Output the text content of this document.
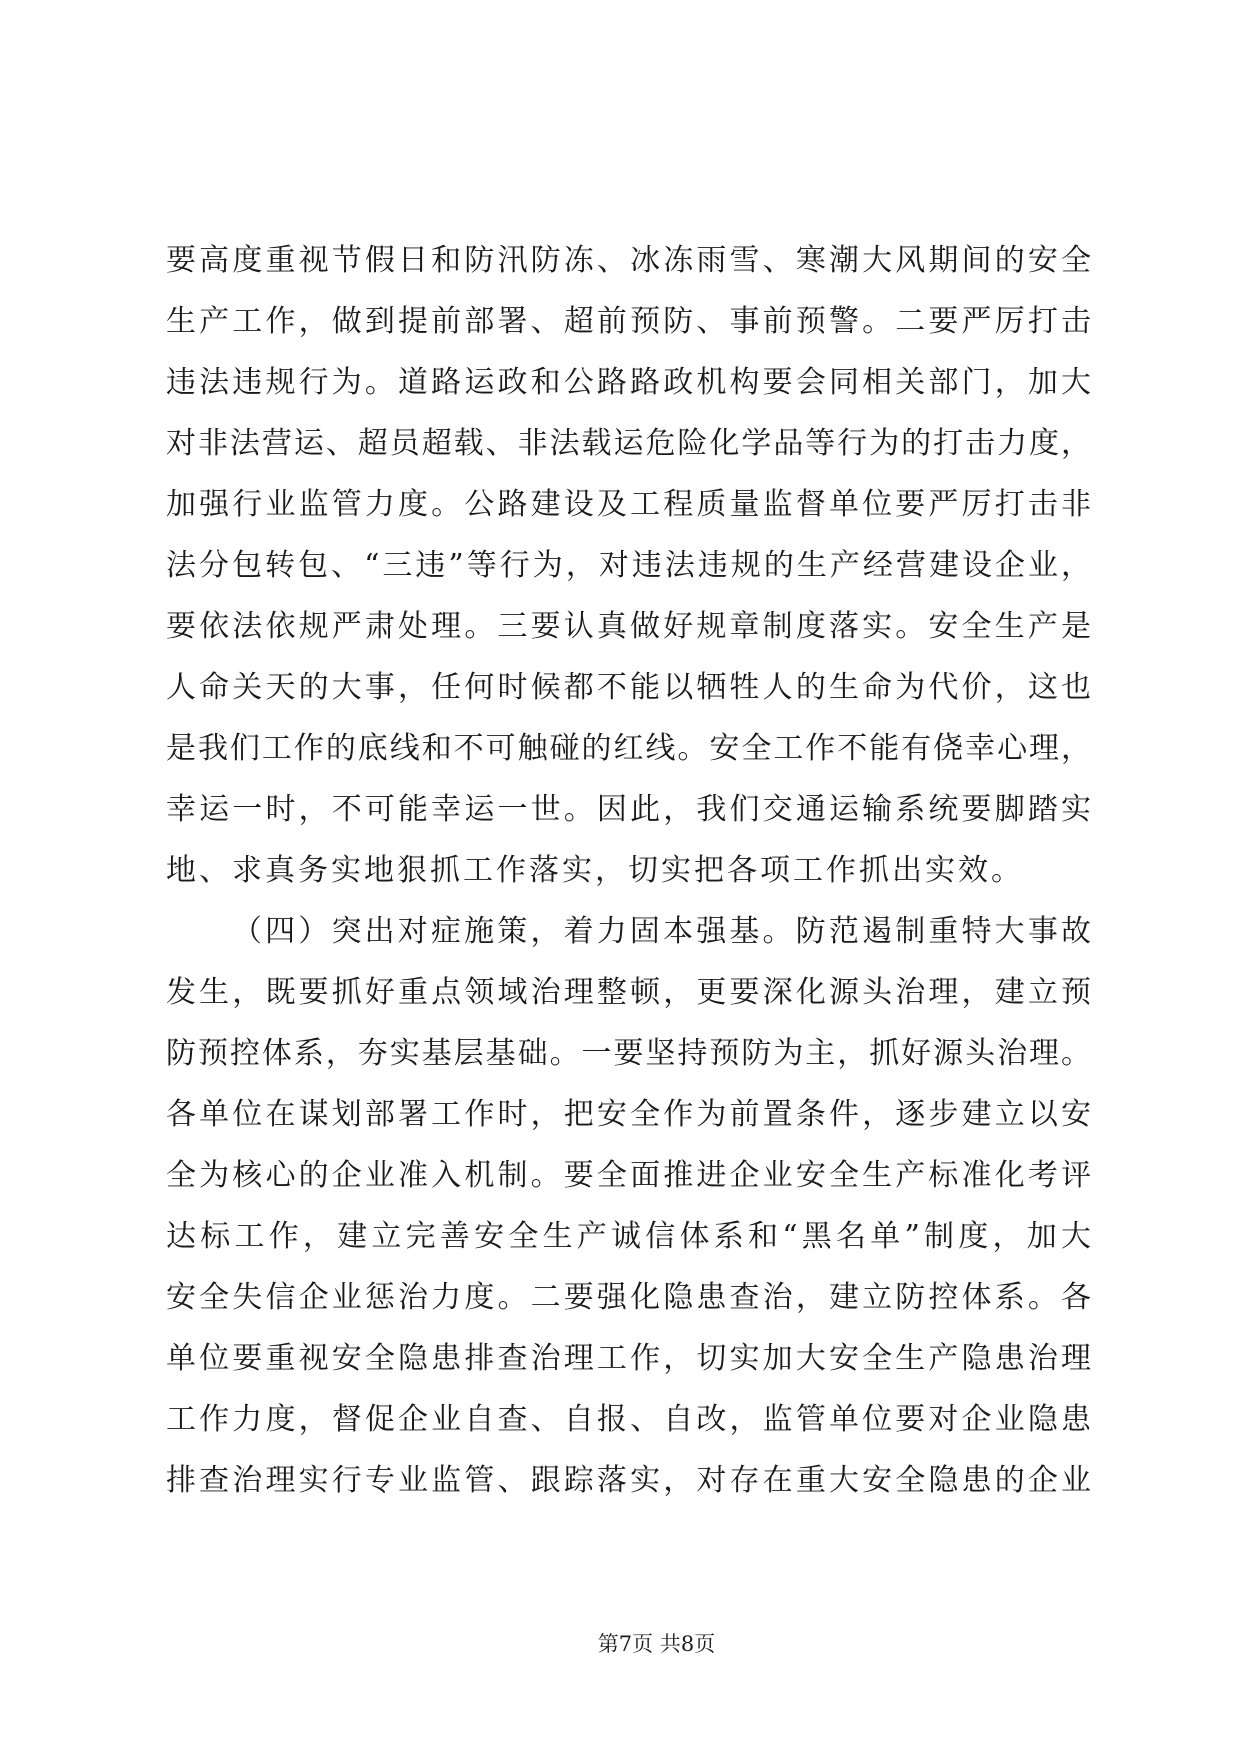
要高度重视节假日和防汛防冻、冰冻雨雪、寒潮大风期间的安全
生产工作，做到提前部署、超前预防、事前预警。二要严厉打击
违法违规行为。道路运政和公路路政机构要会同相关部门，加大
对非法营运、超员超载、非法载运危险化学品等行为的打击力度，
加强行业监管力度。公路建设及工程质量监督单位要严厉打击非
法分包转包、“三违”等行为，对违法违规的生产经营建设企业，
要依法依规严肃处理。三要认真做好规章制度落实。安全生产是
人命关天的大事，任何时候都不能以牺牲人的生命为代价，这也
是我们工作的底线和不可触碰的红线。安全工作不能有侥幸心理，
幸运一时，不可能幸运一世。因此，我们交通运输系统要脚踏实
地、求真务实地狠抓工作落实，切实把各项工作抓出实效。
（四）突出对症施策，着力固本强基。防范遏制重特大事故
发生，既要抓好重点领域治理整顿，更要深化源头治理，建立预
防预控体系，夯实基层基础。一要坚持预防为主，抓好源头治理。
各单位在谋划部署工作时，把安全作为前置条件，逐步建立以安
全为核心的企业准入机制。要全面推进企业安全生产标准化考评
达标工作，建立完善安全生产诚信体系和“黑名单”制度，加大
安全失信企业惩治力度。二要强化隐患查治，建立防控体系。各
单位要重视安全隐患排查治理工作，切实加大安全生产隐患治理
工作力度，督促企业自查、自报、自改，监管单位要对企业隐患
排查治理实行专业监管、跟踪落实，对存在重大安全隐患的企业
第7页 共8页
